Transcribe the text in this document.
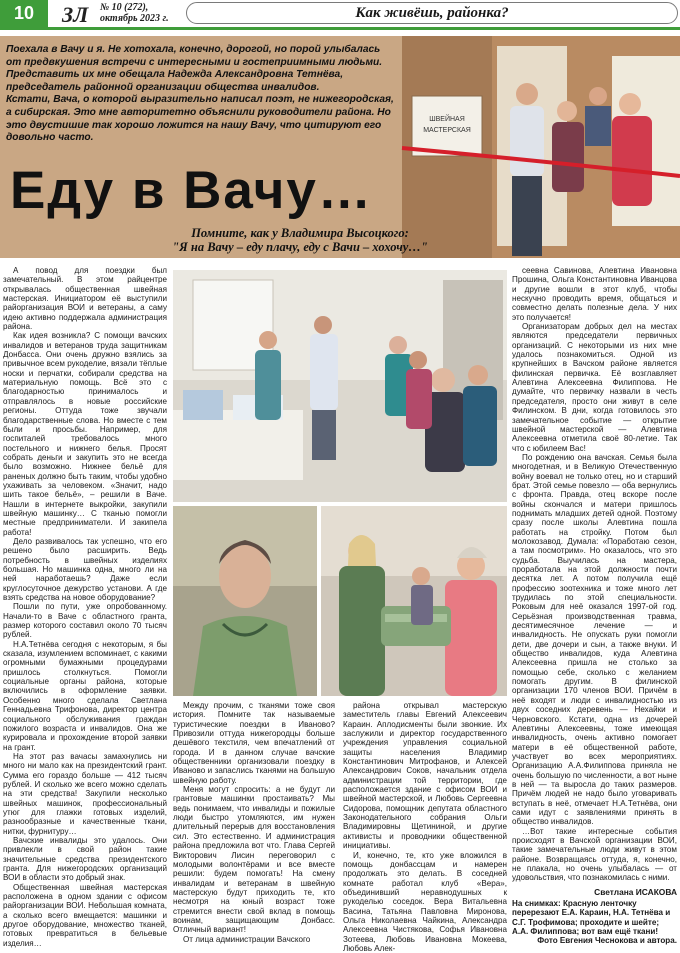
10	ЗЛ № 10 (272),
октябрь 2023 г.	Как живёшь, районка?

Поехала в Вачу и я. Не хотохала, конечно, дорогой, но порой улыбалась от предвкушения встречи с интересными и гостеприимными людьми. Представить их мне обещала Надежда Александровна Тетнёва, председатель районной организации общества инвалидов.

Кстати, Вача, о которой выразительно написал поэт, не нижегородская, а сибирская. Это мне авторитетно объяснили руководители района. Но это двустишие так хорошо ложится на нашу Вачу, что цитируют его довольно часто.

ШВЕЙНАЯ
МАСТЕРСКАЯ
Еду в Вачу…
Помните, как у Владимира Высоцкого:
"Я на Вачу – еду плачу, еду с Вачи – хохочу…"

А повод для поездки был замечательный. В этом райцентре открывалась общественная швейная мастерская. Инициатором её выступили райорганизация ВОИ и ветераны, а саму идею активно поддержала администрация района.

Как идея возникла? С помощи вачских инвалидов и ветеранов труда защитникам Донбасса. Они очень дружно взялись за привычное всем рукоделие, вязали тёплые носки и перчатки, собирали средства на материальную помощь. Всё это с благодарностью принималось и отправлялось в новые российские регионы. Оттуда тоже звучали благодарственные слова. Но вместе с тем были и просьбы. Например, для госпиталей требовалось много постельного и нижнего белья. Просят собрать деньги и закупить это не всегда было возможно. Нижнее бельё для раненых должно быть таким, чтобы удобно ухаживать за человеком. «Значит, надо шить такое бельё», – решили в Ваче. Нашли в интернете выкройки, закупили швейную машинку… С тканью помогли местные предприниматели. И закипела работа!

Дело развивалось так успешно, что его решено было расширить. Ведь потребность в швейных изделиях большая. Но машинка одна, много ли на ней наработаешь? Даже если круглосуточное дежурство установи. А где взять средства на новое оборудование?

Пошли по пути, уже опробованному. Начали-то в Ваче с областного гранта, размер которого составил около 70 тысяч рублей.

Н.А.Тетнёва сегодня с некоторым, я бы сказала, изумлением вспоминает, с какими огромными бумажными процедурами пришлось столкнуться. Помогли социальные органы района, которые включились в оформление заявки. Особенно много сделала Светлана Геннадьевна Трифонова, директор центра социального обслуживания граждан пожилого возраста и инвалидов. Она же курировала и прохождение второй заявки на грант.

На этот раз вачасы замахнулись ни много ни мало как на президентский грант. Сумма его гораздо больше — 412 тысяч рублей. И сколько же всего можно сделать на эти средства! Закупили несколько швейных машинок, профессиональный утюг для глажки готовых изделий, разнообразные и качественные ткани, нитки, фурнитуру…

Вачские инвалиды это удалось. Они привлекли в свой район такие значительные средства президентского гранта. Для нижегородских организаций ВОИ в области это добрый знак.

Общественная швейная мастерская расположена в одном здании с офисом райорганизации ВОИ. Небольшая комната, а сколько всего вмещается: машинки и другое оборудование, множество тканей, готовых превратиться в бельевые изделия…

Между прочим, с тканями тоже своя история. Помните так называемые туристические поездки в Иваново? Привозили оттуда нижегородцы больше дешёвого текстиля, чем впечатлений от города. И в данном случае вачские общественники организовали поездку в Иваново и запаслись тканями на большую швейную работу.

Меня могут спросить: а не будут ли грантовые машинки простаивать? Мы ведь понимаем, что инвалиды и пожилые люди быстро утомляются, им нужен длительный перерыв для восстановления сил. Это естественно. И администрация района предложила вот что. Глава Сергей Викторович Лисин переговорил с молодыми волонтёрами и все вместе решили: будем помогать! На смену инвалидам и ветеранам в швейную мастерскую будут приходить те, кто несмотря на юный возраст тоже стремится внести свой вклад в помощь воинам, защищающим Донбасс. Отличный вариант!

От лица администрации Вачского

района открывал мастерскую заместитель главы Евгений Алексеевич Караин. Аплодисменты были звонкие. Их заслужили и директор государственного учреждения управления социальной защиты населения Владимир Константинович Митрофанов, и Алексей Александрович Соков, начальник отдела администрации той территории, где расположается здание с офисом ВОИ и швейной мастерской, и Любовь Сергеевна Сидорова, помощник депутата облaстного Законодательного собрания Ольги Владимировны Щетининой, и другие активисты и проводники общественной инициативы.

И, конечно, те, кто уже вложился в помощь донбассцам и намерен продолжать это делать. В соседней комнате работал клуб «Вера», объединивший неравнодушных к рукоделью соседок. Вера Витальевна Васина, Татьяна Павловна Миронова, Ольга Николаевна Чайкина, Александра Алексеевна Чистякова, Софья Ивановна Зотеева, Любовь Ивановна Мокеева, Любовь Алек-

сеевна Савинова, Алевтина Ивановна Прошина, Ольга Константиновна Иванцова и другие вошли в этот клуб, чтобы нескучно проводить время, общаться и совместно делать полезные дела. У них это получается!

Организаторам добрых дел на местах являются председатели первичных организаций. С некоторыми из них мне удалось познакомиться. Одной из крупнейших в Вачском районе является филинская первичка. Её возглавляет Алевтина Алексеевна Филиппова. Не думайте, что первичку назвали в честь председателя, просто они живут в селе Филинском. В дни, когда готовилось это замечательное событие — открытие швейной мастерской — Алевтина Алексеевна отметила своё 80-летие. Так что с юбилеем Вас!

По рождению она вачская. Семья была многодетная, и в Великую Отечественную войну воевал не только отец, но и старший брат. Этой семье повезло — оба вернулись с фронта. Правда, отец вскоре после войны скончался и матери пришлось поднимать младших детей одной. Поэтому сразу после школы Алевтина пошла работать на стройку. Потом был молокозавод. Думала: «Поработаю сезон, а там посмотрим». Но оказалось, что это судьба. Выучилась на мастера, проработала на этой должности почти десятка лет. А потом получила ещё профессию зоотехника и тоже много лет трудилась по этой специальности. Роковым для неё оказался 1997-ой год. Серьёзная производственная травма, десятимесячное лечение — и инвалидность. Не опускать руки помогли дети, две дочери и сын, а также внуки. И общество инвалидов, куда Алевтина Алексеевна пришла не столько за помощью себе, сколько с желанием помогать другим. В филинской организации 170 членов ВОИ. Причём в неё входят и люди с инвалидностью из двух соседних деревень — Нехайки и Черновского. Кстати, одна из дочерей Алевтины Алексеевны, тоже имеющая инвалидность, очень активно помогает матери в её общественной работе, участвует во всех мероприятиях. Организацию А.А.Филиппова приняла не очень большую по численности, а вот ныне в ней — та выросла до таких размеров. Причём людей не надо было уговаривать вступать в неё, отмечает Н.А.Тетнёва, они сами идут с заявлениями принять в общество инвалидов.

…Вот такие интересные события происходят в Вачской организации ВОИ, такие замечательные люди живут в этом районе. Возвращаясь оттуда, я, конечно, не плакала, но очень улыбалась — от удовольствия, что познакомилась с ними.

Светлана ИСАКОВА
На снимках: Красную ленточку перерезают Е.А. Караин, Н.А. Тетнёва и С.Г. Трофимова; проходите и шейте; А.А. Филиппова; вот вам ещё ткани!
Фото Евгения Чеснокова и автора.
